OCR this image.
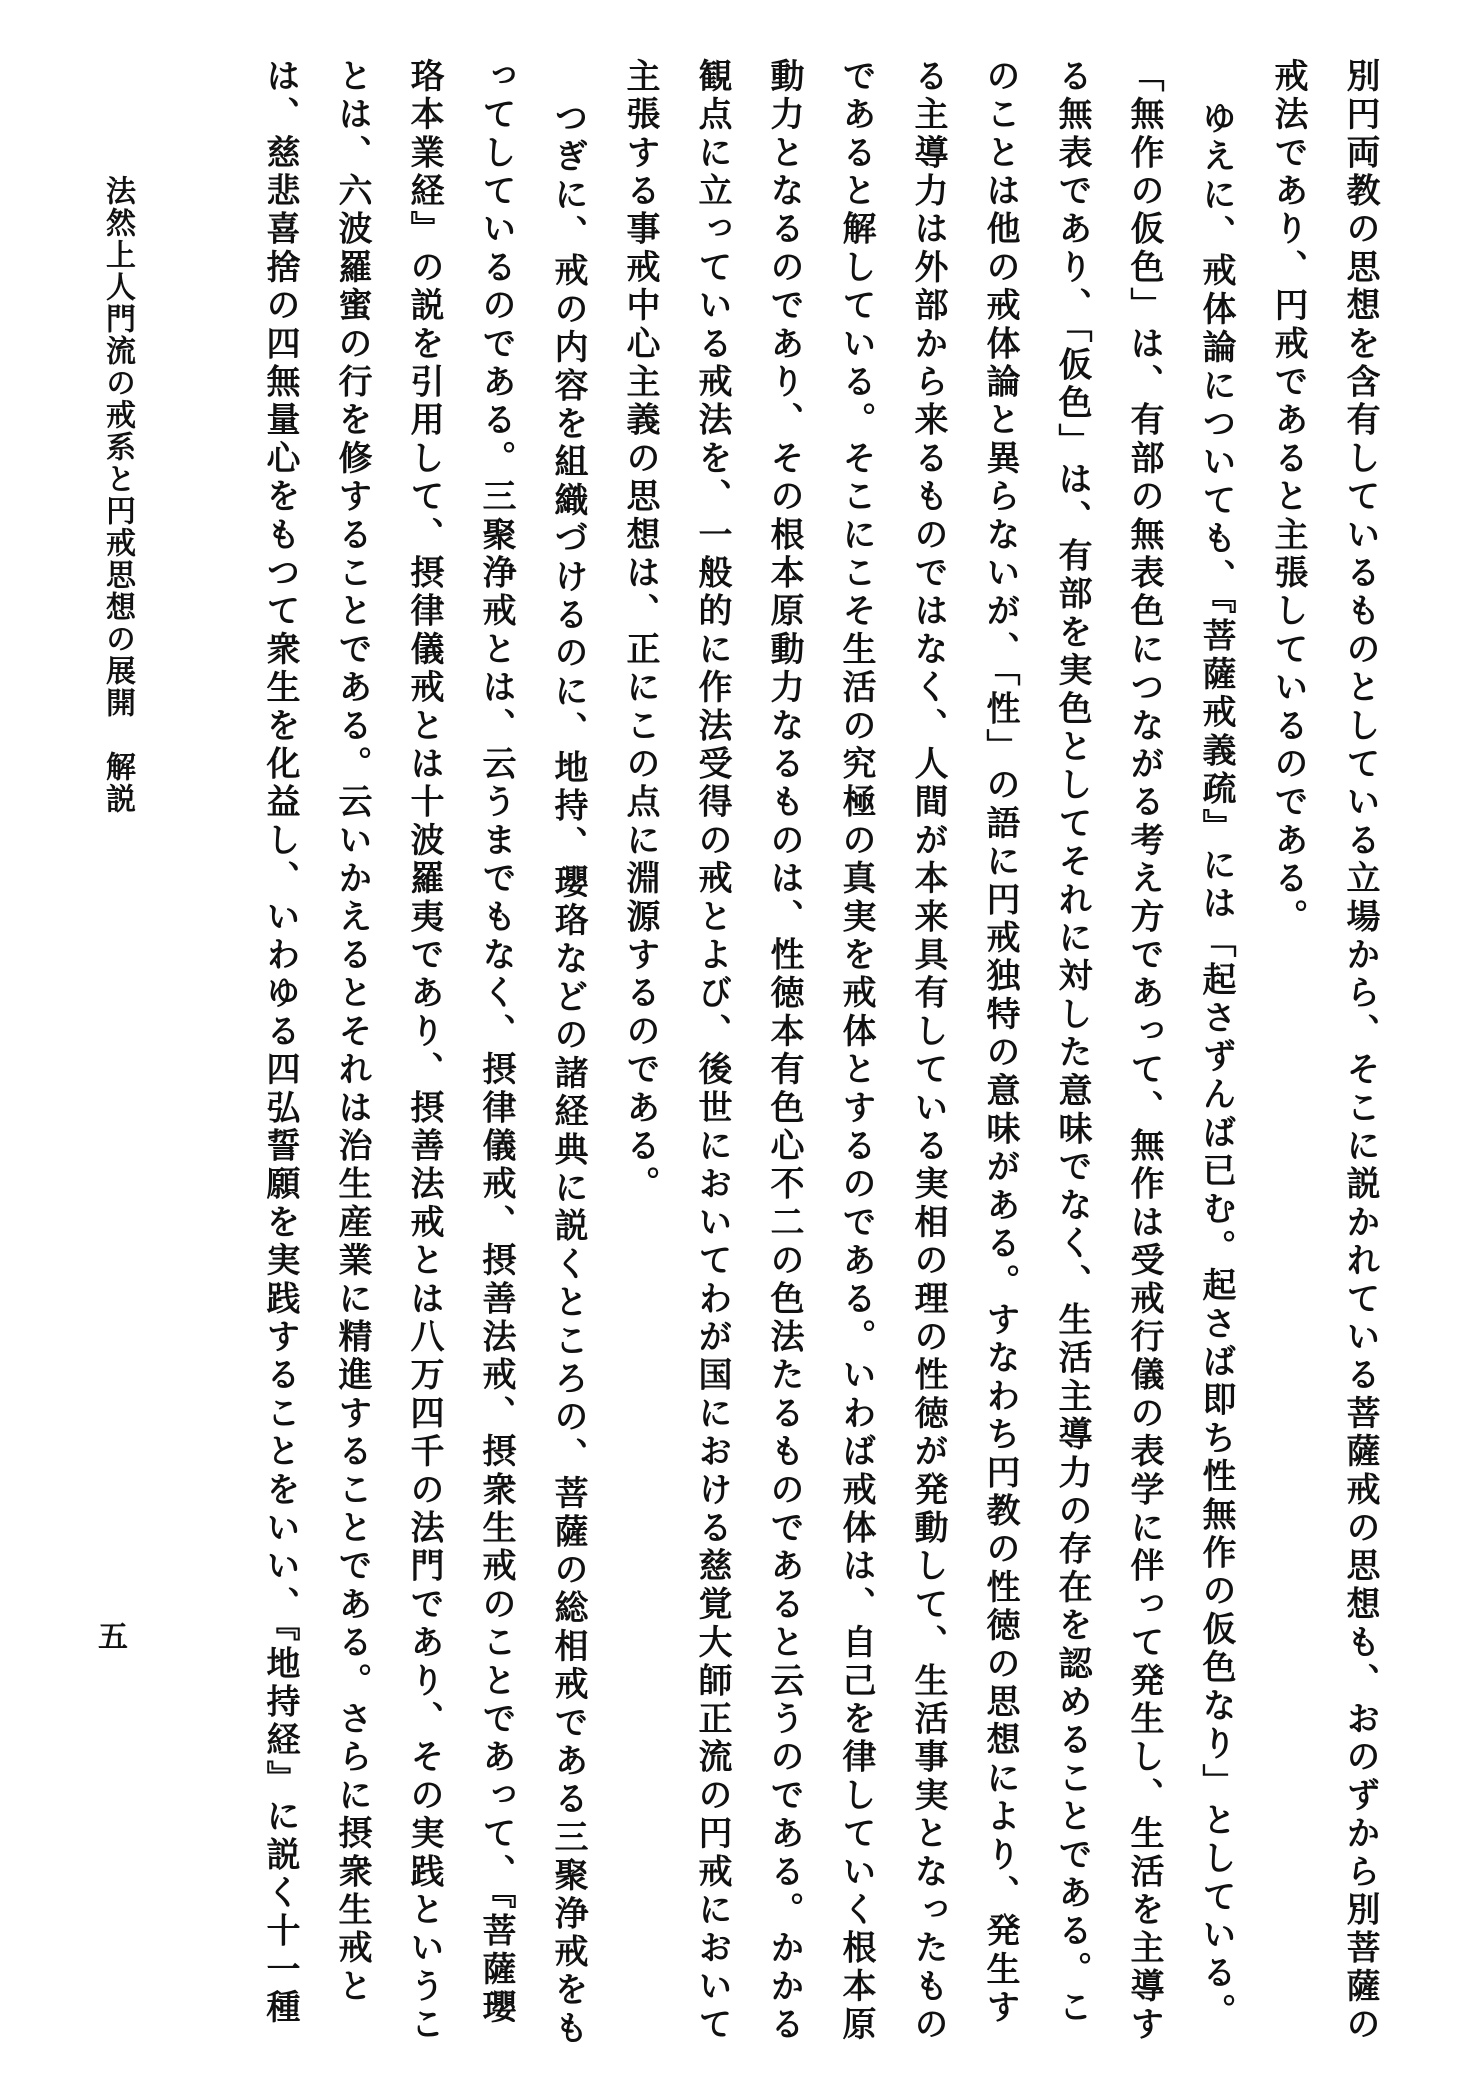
別円両教の思想を含有しているものとしている立場から、そこに説かれている菩薩戒の思想も、おのずから別菩薩の
戒法であり、円戒であると主張しているのである。
ゆえに、戒体論についても、『菩薩戒義疏』には「起さずんば已む。起さば即ち性無作の仮色なり」としている。
「無作の仮色」は、有部の無表色につながる考え方であって、無作は受戒行儀の表学に伴って発生し、生活を主導す
る無表であり、「仮色」は、有部を実色としてそれに対した意味でなく、生活主導力の存在を認めることである。こ
のことは他の戒体論と異らないが、「性」の語に円戒独特の意味がある。すなわち円教の性徳の思想により、発生す
る主導力は外部から来るものではなく、人間が本来具有している実相の理の性徳が発動して、生活事実となったもの
であると解している。そこにこそ生活の究極の真実を戒体とするのである。いわば戒体は、自己を律していく根本原
動力となるのであり、その根本原動力なるものは、性徳本有色心不二の色法たるものであると云うのである。かかる
観点に立っている戒法を、一般的に作法受得の戒とよび、後世においてわが国における慈覚大師正流の円戒において
主張する事戒中心主義の思想は、正にこの点に淵源するのである。
つぎに、戒の内容を組織づけるのに、地持、瓔珞などの諸経典に説くところの、菩薩の総相戒である三聚浄戒をも
ってしているのである。三聚浄戒とは、云うまでもなく、摂律儀戒、摂善法戒、摂衆生戒のことであって、『菩薩瓔
珞本業経』の説を引用して、摂律儀戒とは十波羅夷であり、摂善法戒とは八万四千の法門であり、その実践というこ
とは、六波羅蜜の行を修することである。云いかえるとそれは治生産業に精進することである。さらに摂衆生戒と
は、慈悲喜捨の四無量心をもつて衆生を化益し、いわゆる四弘誓願を実践することをいい、『地持経』に説く十一種
法然上人門流の戒系と円戒思想の展開　解説
五
